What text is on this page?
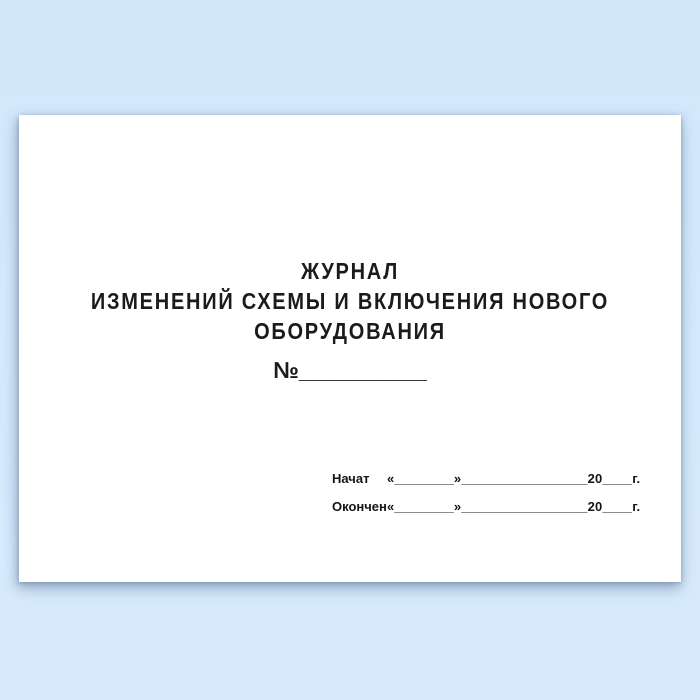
ЖУРНАЛ
ИЗМЕНЕНИЙ СХЕМЫ И ВКЛЮЧЕНИЯ НОВОГО
ОБОРУДОВАНИЯ
№__________
Начат	«________»_________________20____г.
Окончен «________»_________________20____г.
